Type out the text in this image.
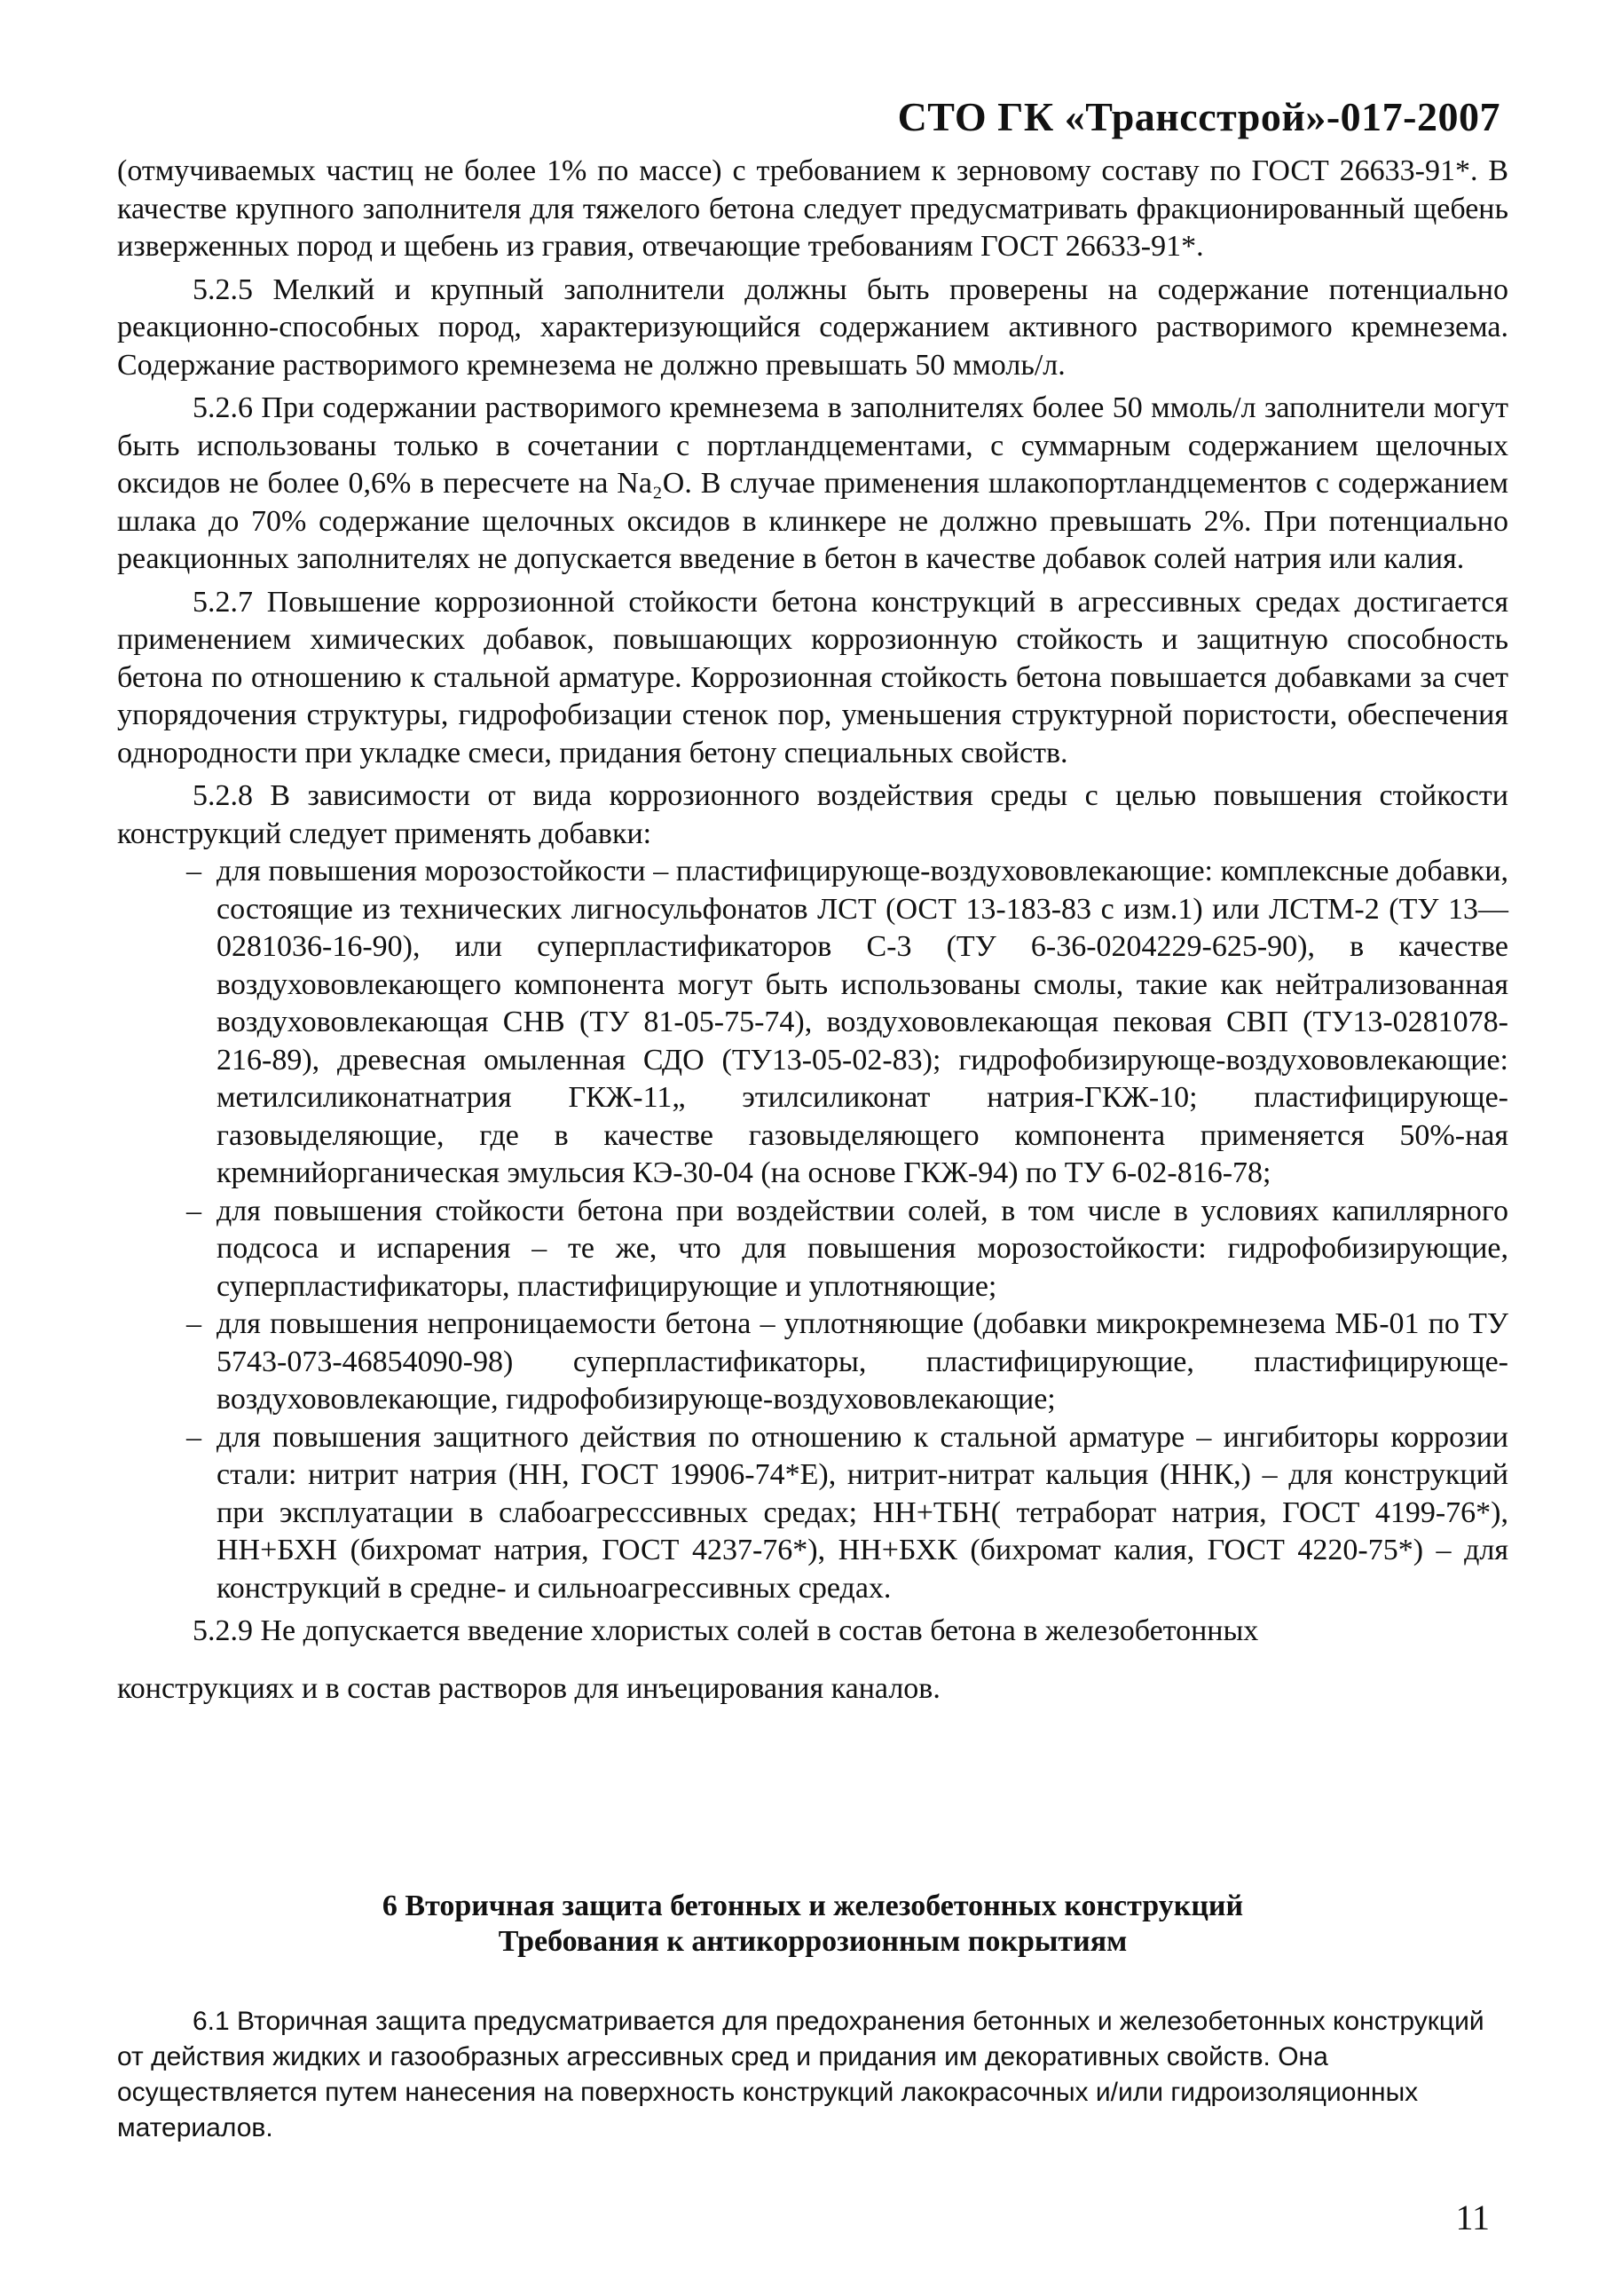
СТО ГК «Трансстрой»-017-2007

(отмучиваемых частиц не более 1% по массе) с требованием к зерновому составу по ГОСТ 26633-91*. В качестве крупного заполнителя для тяжелого бетона следует предусматривать фракционированный щебень изверженных пород и щебень из гравия, отвечающие требованиям ГОСТ 26633-91*.

5.2.5 Мелкий и крупный заполнители должны быть проверены на содержание потенциально реакционно-способных пород, характеризующийся содержанием активного растворимого кремнезема. Содержание растворимого кремнезема не должно превышать 50 ммоль/л.

5.2.6 При содержании растворимого кремнезема в заполнителях более 50 ммоль/л заполнители могут быть использованы только в сочетании с портландцементами, с суммарным содержанием щелочных оксидов не более 0,6% в пересчете на Na₂O. В случае применения шлакопортландцементов с содержанием шлака до 70% содержание щелочных оксидов в клинкере не должно превышать 2%. При потенциально реакционных заполнителях не допускается введение в бетон в качестве добавок солей натрия или калия.

5.2.7 Повышение коррозионной стойкости бетона конструкций в агрессивных средах достигается применением химических добавок, повышающих коррозионную стойкость и защитную способность бетона по отношению к стальной арматуре. Коррозионная стойкость бетона повышается добавками за счет упорядочения структуры, гидрофобизации стенок пор, уменьшения структурной пористости, обеспечения однородности при укладке смеси, придания бетону специальных свойств.

5.2.8 В зависимости от вида коррозионного воздействия среды с целью повышения стойкости конструкций следует применять добавки:

– для повышения морозостойкости – пластифицирующе-воздухововлекающие: комплексные добавки, состоящие из технических лигносульфонатов ЛСТ (ОСТ 13-183-83 с изм.1) или ЛСТМ-2 (ТУ 13—0281036-16-90), или суперпластификаторов С-3 (ТУ 6-36-0204229-625-90), в качестве воздухововлекающего компонента могут быть использованы смолы, такие как нейтрализованная воздухововлекающая СНВ (ТУ 81-05-75-74), воздухововлекающая пековая СВП (ТУ13-0281078-216-89), древесная омыленная СДО (ТУ13-05-02-83); гидрофобизирующе-воздухововлекающие: метилсиликонатнатрия ГКЖ-11„ этилсиликонат натрия-ГКЖ-10; пластифицирующе-газовыделяющие, где в качестве газовыделяющего компонента применяется 50%-ная кремнийорганическая эмульсия КЭ-30-04 (на основе ГКЖ-94) по ТУ 6-02-816-78;
– для повышения стойкости бетона при воздействии солей, в том числе в условиях капиллярного подсоса и испарения – те же, что для повышения морозостойкости: гидрофобизирующие, суперпластификаторы, пластифицирующие и уплотняющие;
– для повышения непроницаемости бетона – уплотняющие (добавки микрокремнезема МБ-01 по ТУ 5743-073-46854090-98) суперпластификаторы, пластифицирующие, пластифицирующе-воздухововлекающие, гидрофобизирующе-воздухововлекающие;
– для повышения защитного действия по отношению к стальной арматуре – ингибиторы коррозии стали: нитрит натрия (НН, ГОСТ 19906-74*Е), нитрит-нитрат кальция (ННК,) – для конструкций при эксплуатации в слабоагресссивных средах; НН+ТБН( тетраборат натрия, ГОСТ 4199-76*), НН+БХН (бихромат натрия, ГОСТ 4237-76*), НН+БХК (бихромат калия, ГОСТ 4220-75*) – для конструкций в средне- и сильноагрессивных средах.

5.2.9 Не допускается введение хлористых солей в состав бетона в железобетонных

конструкциях и в состав растворов для инъецирования каналов.

6 Вторичная защита бетонных и железобетонных конструкций
Требования к антикоррозионным покрытиям

6.1 Вторичная защита предусматривается для предохранения бетонных и железобетонных конструкций от действия жидких и газообразных агрессивных сред и придания им декоративных свойств. Она осуществляется путем нанесения на поверхность конструкций лакокрасочных и/или гидроизоляционных материалов.

11
